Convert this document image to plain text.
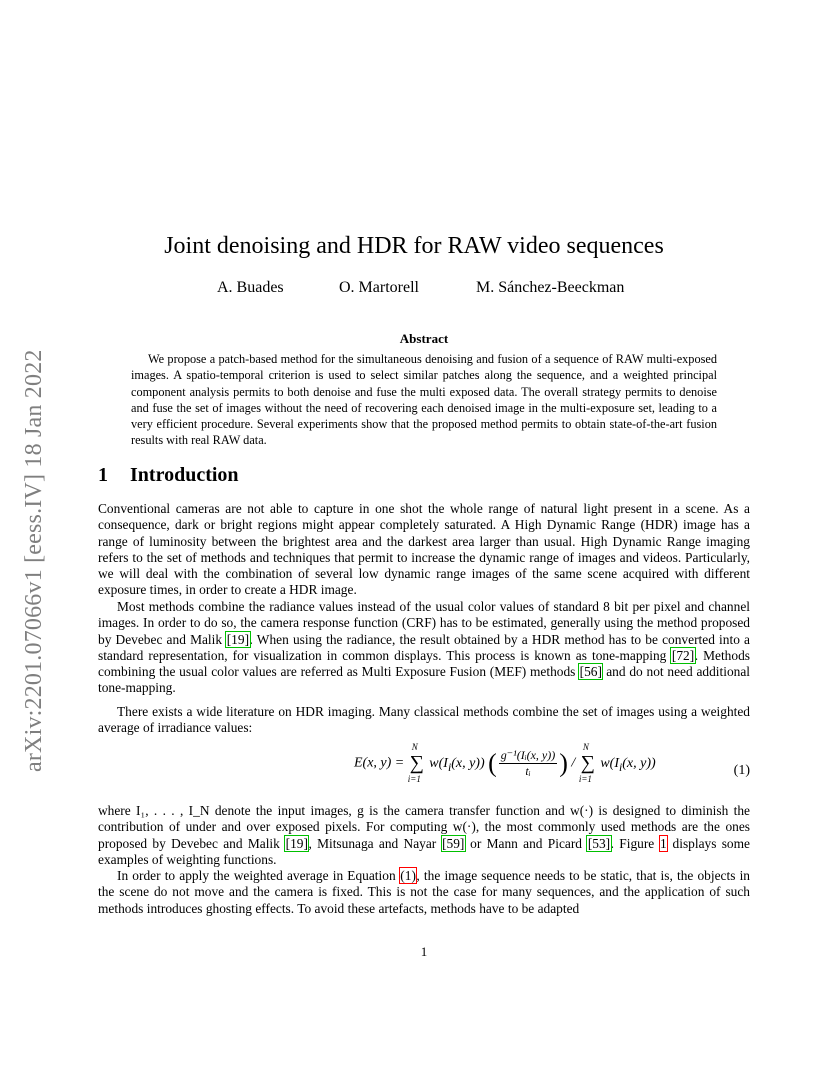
arXiv:2201.07066v1 [eess.IV] 18 Jan 2022
Joint denoising and HDR for RAW video sequences
A. Buades	O. Martorell	M. Sánchez-Beeckman
Abstract
We propose a patch-based method for the simultaneous denoising and fusion of a sequence of RAW multi-exposed images. A spatio-temporal criterion is used to select similar patches along the sequence, and a weighted principal component analysis permits to both denoise and fuse the multi exposed data. The overall strategy permits to denoise and fuse the set of images without the need of recovering each denoised image in the multi-exposure set, leading to a very efficient procedure. Several experiments show that the proposed method permits to obtain state-of-the-art fusion results with real RAW data.
1 Introduction

Conventional cameras are not able to capture in one shot the whole range of natural light present in a scene. As a consequence, dark or bright regions might appear completely saturated. A High Dynamic Range (HDR) image has a range of luminosity between the brightest area and the darkest area larger than usual. High Dynamic Range imaging refers to the set of methods and techniques that permit to increase the dynamic range of images and videos. Particularly, we will deal with the combination of several low dynamic range images of the same scene acquired with different exposure times, in order to create a HDR image.

Most methods combine the radiance values instead of the usual color values of standard 8 bit per pixel and channel images. In order to do so, the camera response function (CRF) has to be estimated, generally using the method proposed by Devebec and Malik [19]. When using the radiance, the result obtained by a HDR method has to be converted into a standard representation, for visualization in common displays. This process is known as tone-mapping [72]. Methods combining the usual color values are referred as Multi Exposure Fusion (MEF) methods [56] and do not need additional tone-mapping.

There exists a wide literature on HDR imaging. Many classical methods combine the set of images using a weighted average of irradiance values:

E(x, y) = ∑
N
i=1
$w(I_i(x$, y)) ( $\frac{\text{g⁻¹(Iᵢ(x, y))}}{\text{tᵢ}}$ ) / ∑
N
i=1
$w(I_i(x$, y))	(1)

where I₁, . . . , I_N denote the input images, g is the camera transfer function and w(·) is designed to diminish the contribution of under and over exposed pixels. For computing w(·), the most commonly used methods are the ones proposed by Devebec and Malik [19], Mitsunaga and Nayar [59] or Mann and Picard [53]. Figure 1 displays some examples of weighting functions.

In order to apply the weighted average in Equation (1), the image sequence needs to be static, that is, the objects in the scene do not move and the camera is fixed. This is not the case for many sequences, and the application of such methods introduces ghosting effects. To avoid these artefacts, methods have to be adapted

1
